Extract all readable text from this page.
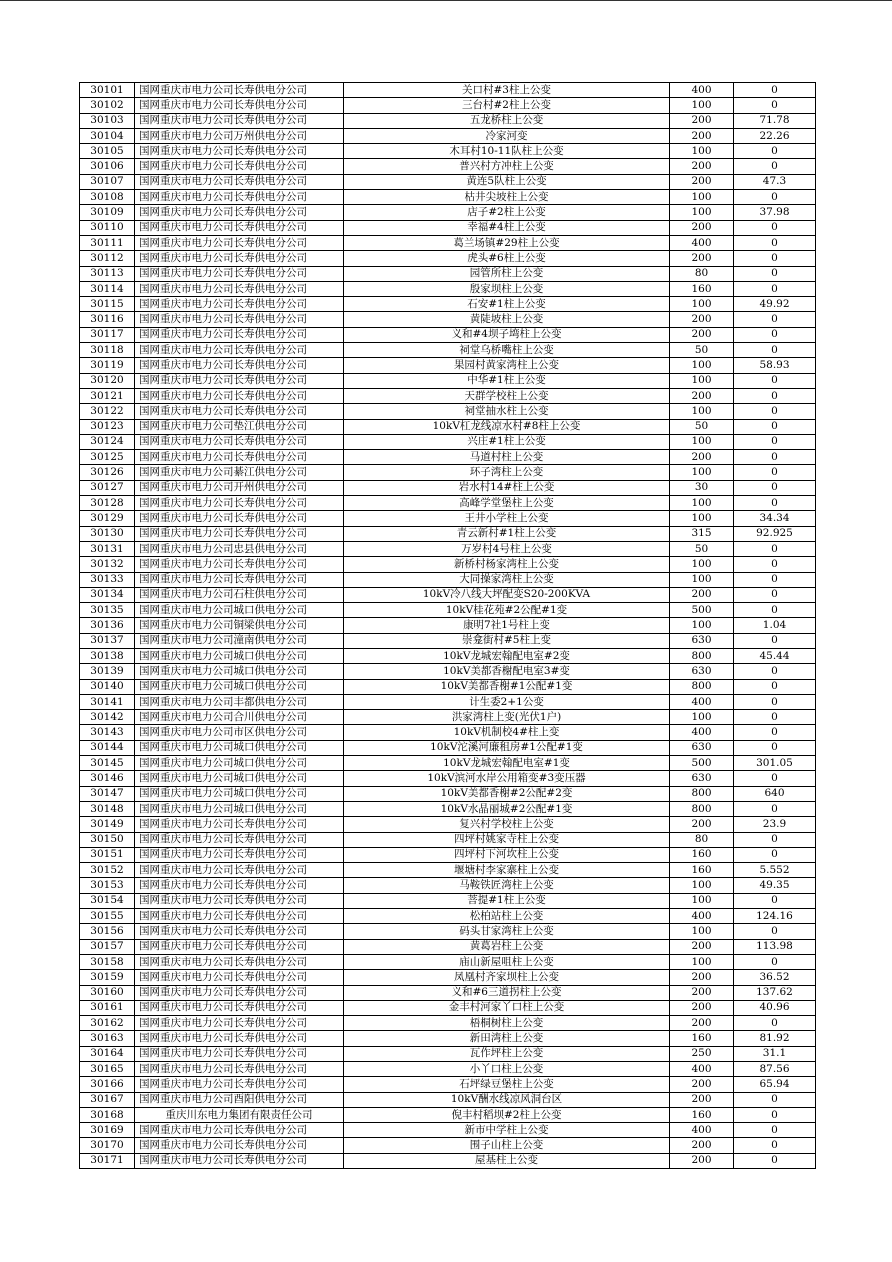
30101	国网重庆市电力公司长寿供电分公司	关口村#3柱上公变	400	0
30102	国网重庆市电力公司长寿供电分公司	三台村#2柱上公变	100	0
30103	国网重庆市电力公司长寿供电分公司	五龙桥柱上公变	200	71.78
30104	国网重庆市电力公司万州供电分公司	冷家河变	200	22.26
30105	国网重庆市电力公司长寿供电分公司	木耳村10-11队柱上公变	100	0
30106	国网重庆市电力公司长寿供电分公司	普兴村方冲柱上公变	200	0
30107	国网重庆市电力公司长寿供电分公司	黄连5队柱上公变	200	47.3
30108	国网重庆市电力公司长寿供电分公司	枯井尖坡柱上公变	100	0
30109	国网重庆市电力公司长寿供电分公司	店子#2柱上公变	100	37.98
30110	国网重庆市电力公司长寿供电分公司	幸福#4柱上公变	200	0
30111	国网重庆市电力公司长寿供电分公司	葛兰场镇#29柱上公变	400	0
30112	国网重庆市电力公司长寿供电分公司	虎头#6柱上公变	200	0
30113	国网重庆市电力公司长寿供电分公司	园管所柱上公变	80	0
30114	国网重庆市电力公司长寿供电分公司	殷家坝柱上公变	160	0
30115	国网重庆市电力公司长寿供电分公司	石安#1柱上公变	100	49.92
30116	国网重庆市电力公司长寿供电分公司	黄陡坡柱上公变	200	0
30117	国网重庆市电力公司长寿供电分公司	义和#4坝子塆柱上公变	200	0
30118	国网重庆市电力公司长寿供电分公司	祠堂乌桥嘴柱上公变	50	0
30119	国网重庆市电力公司长寿供电分公司	果园村黄家湾柱上公变	100	58.93
30120	国网重庆市电力公司长寿供电分公司	中华#1柱上公变	100	0
30121	国网重庆市电力公司长寿供电分公司	天群学校柱上公变	200	0
30122	国网重庆市电力公司长寿供电分公司	祠堂抽水柱上公变	100	0
30123	国网重庆市电力公司垫江供电分公司	10kV杠龙线凉水村#8柱上公变	50	0
30124	国网重庆市电力公司长寿供电分公司	兴庄#1柱上公变	100	0
30125	国网重庆市电力公司长寿供电分公司	马道村柱上公变	200	0
30126	国网重庆市电力公司綦江供电分公司	环子湾柱上公变	100	0
30127	国网重庆市电力公司开州供电分公司	岩水村14#柱上公变	30	0
30128	国网重庆市电力公司长寿供电分公司	高峰学堂堡柱上公变	100	0
30129	国网重庆市电力公司长寿供电分公司	王井小学柱上公变	100	34.34
30130	国网重庆市电力公司长寿供电分公司	青云新村#1柱上公变	315	92.925
30131	国网重庆市电力公司忠县供电分公司	万岁村4号柱上公变	50	0
30132	国网重庆市电力公司长寿供电分公司	新桥村杨家湾柱上公变	100	0
30133	国网重庆市电力公司长寿供电分公司	大同操家湾柱上公变	100	0
30134	国网重庆市电力公司石柱供电分公司	10kV冷八线大坪配变S20-200KVA	200	0
30135	国网重庆市电力公司城口供电分公司	10kV桂花苑#2公配#1变	500	0
30136	国网重庆市电力公司铜梁供电分公司	康明7社1号柱上变	100	1.04
30137	国网重庆市电力公司潼南供电分公司	崇龛街村#5柱上变	630	0
30138	国网重庆市电力公司城口供电分公司	10kV龙城宏翰配电室#2变	800	45.44
30139	国网重庆市电力公司城口供电分公司	10kV美都香榭配电室3#变	630	0
30140	国网重庆市电力公司城口供电分公司	10kV美都香榭#1公配#1变	800	0
30141	国网重庆市电力公司丰都供电分公司	计生委2+1公变	400	0
30142	国网重庆市电力公司合川供电分公司	洪家湾柱上变(光伏1户)	100	0
30143	国网重庆市电力公司市区供电分公司	10kV机制校4#柱上变	400	0
30144	国网重庆市电力公司城口供电分公司	10kV沱溪河廉租房#1公配#1变	630	0
30145	国网重庆市电力公司城口供电分公司	10kV龙城宏翰配电室#1变	500	301.05
30146	国网重庆市电力公司城口供电分公司	10kV滨河水岸公用箱变#3变压器	630	0
30147	国网重庆市电力公司城口供电分公司	10kV美都香榭#2公配#2变	800	640
30148	国网重庆市电力公司城口供电分公司	10kV水晶丽城#2公配#1变	800	0
30149	国网重庆市电力公司长寿供电分公司	复兴村学校柱上公变	200	23.9
30150	国网重庆市电力公司长寿供电分公司	四坪村姚家寺柱上公变	80	0
30151	国网重庆市电力公司长寿供电分公司	四坪村下河坎柱上公变	160	0
30152	国网重庆市电力公司长寿供电分公司	堰塘村李家寨柱上公变	160	5.552
30153	国网重庆市电力公司长寿供电分公司	马鞍铁匠湾柱上公变	100	49.35
30154	国网重庆市电力公司长寿供电分公司	菩提#1柱上公变	100	0
30155	国网重庆市电力公司长寿供电分公司	松柏站柱上公变	400	124.16
30156	国网重庆市电力公司长寿供电分公司	码头甘家湾柱上公变	100	0
30157	国网重庆市电力公司长寿供电分公司	黄葛岩柱上公变	200	113.98
30158	国网重庆市电力公司长寿供电分公司	庙山新屋咀柱上公变	100	0
30159	国网重庆市电力公司长寿供电分公司	凤凰村齐家坝柱上公变	200	36.52
30160	国网重庆市电力公司长寿供电分公司	义和#6三道拐柱上公变	200	137.62
30161	国网重庆市电力公司长寿供电分公司	金丰村河家丫口柱上公变	200	40.96
30162	国网重庆市电力公司长寿供电分公司	梧桐树柱上公变	200	0
30163	国网重庆市电力公司长寿供电分公司	新田湾柱上公变	160	81.92
30164	国网重庆市电力公司长寿供电分公司	瓦作坪柱上公变	250	31.1
30165	国网重庆市电力公司长寿供电分公司	小丫口柱上公变	400	87.56
30166	国网重庆市电力公司长寿供电分公司	石坪绿豆堡柱上公变	200	65.94
30167	国网重庆市电力公司酉阳供电分公司	10kV酬水线凉风洞台区	200	0
30168	重庆川东电力集团有限责任公司	倪丰村稻坝#2柱上公变	160	0
30169	国网重庆市电力公司长寿供电分公司	新市中学柱上公变	400	0
30170	国网重庆市电力公司长寿供电分公司	围子山柱上公变	200	0
30171	国网重庆市电力公司长寿供电分公司	屋基柱上公变	200	0
